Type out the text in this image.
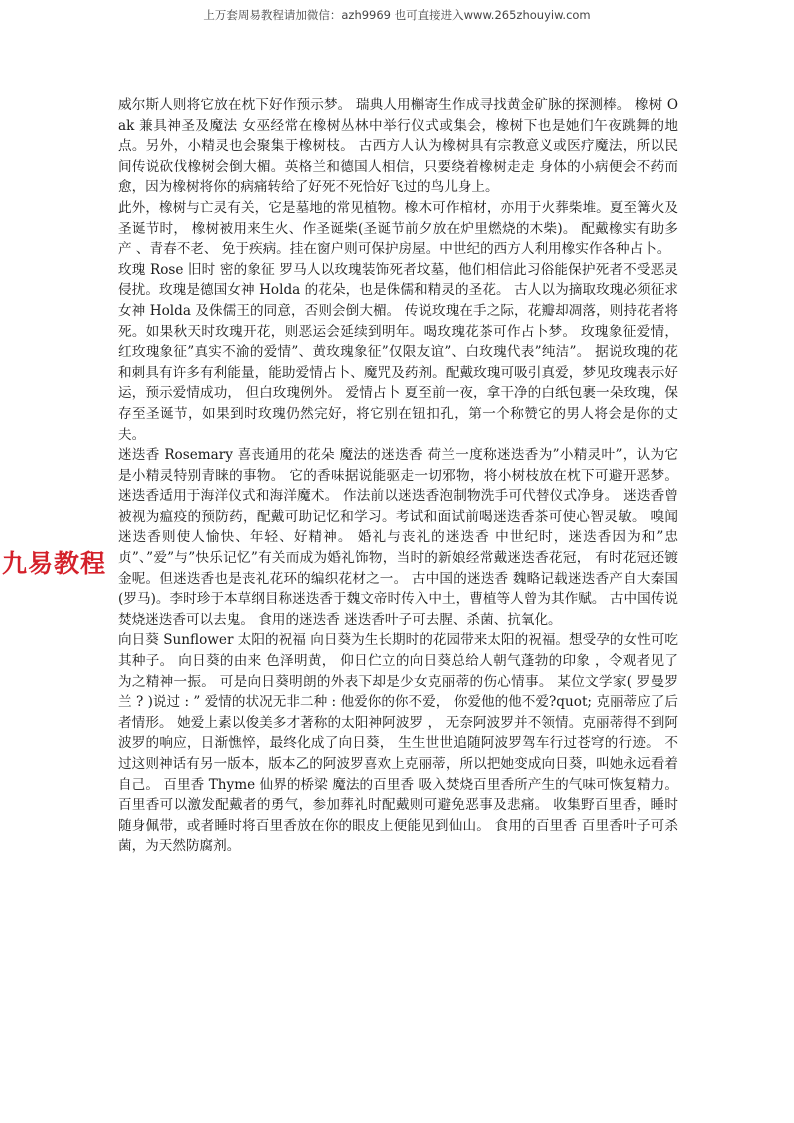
上万套周易教程请加微信：azh9969 也可直接进入www.265zhouyiw.com
九易教程

威尔斯人则将它放在枕下好作预示梦。 瑞典人用槲寄生作成寻找黄金矿脉的探测棒。 橡树 Oak 兼具神圣及魔法 女巫经常在橡树丛林中举行仪式或集会，橡树下也是她们午夜跳舞的地点。另外，小精灵也会聚集于橡树枝。 古西方人认为橡树具有宗教意义或医疗魔法，所以民间传说砍伐橡树会倒大楣。英格兰和德国人相信，只要绕着橡树走走 身体的小病便会不药而愈，因为橡树将你的病痛转给了好死不死恰好飞过的鸟儿身上。

此外，橡树与亡灵有关，它是墓地的常见植物。橡木可作棺材，亦用于火葬柴堆。夏至篝火及圣诞节时， 橡树被用来生火、作圣诞柴(圣诞节前夕放在炉里燃烧的木柴)。 配戴橡实有助多产 、青春不老、 免于疾病。挂在窗户则可保护房屋。中世纪的西方人利用橡实作各种占卜。

玫瑰 Rose 旧时 密的象征 罗马人以玫瑰装饰死者坟墓，他们相信此习俗能保护死者不受恶灵侵扰。玫瑰是德国女神 Holda 的花朵，也是侏儒和精灵的圣花。 古人以为摘取玫瑰必须征求女神 Holda 及侏儒王的同意，否则会倒大楣。 传说玫瑰在手之际，花瓣却凋落，则持花者将死。如果秋天时玫瑰开花，则恶运会延续到明年。喝玫瑰花茶可作占卜梦。 玫瑰象征爱情，红玫瑰象征”真实不渝的爱情”、黄玫瑰象征”仅限友谊”、白玫瑰代表”纯洁”。 据说玫瑰的花和刺具有许多有利能量，能助爱情占卜、魔咒及药剂。配戴玫瑰可吸引真爱，梦见玫瑰表示好运，预示爱情成功， 但白玫瑰例外。 爱情占卜 夏至前一夜，拿干净的白纸包裹一朵玫瑰，保存至圣诞节，如果到时玫瑰仍然完好，将它别在钮扣孔，第一个称赞它的男人将会是你的丈夫。

迷迭香 Rosemary 喜丧通用的花朵 魔法的迷迭香 荷兰一度称迷迭香为”小精灵叶”，认为它是小精灵特别青睐的事物。 它的香味据说能驱走一切邪物，将小树枝放在枕下可避开恶梦。迷迭香适用于海洋仪式和海洋魔术。 作法前以迷迭香泡制物洗手可代替仪式净身。 迷迭香曾被视为瘟疫的预防药，配戴可助记忆和学习。考试和面试前喝迷迭香茶可使心智灵敏。 嗅闻迷迭香则使人愉快、年轻、好精神。 婚礼与丧礼的迷迭香 中世纪时，迷迭香因为和”忠贞”、”爱”与”快乐记忆”有关而成为婚礼饰物，当时的新娘经常戴迷迭香花冠， 有时花冠还镀金呢。但迷迭香也是丧礼花环的编织花材之一。 古中国的迷迭香 魏略记载迷迭香产自大秦国(罗马)。李时珍于本草纲目称迷迭香于魏文帝时传入中土，曹植等人曾为其作赋。 古中国传说焚烧迷迭香可以去鬼。 食用的迷迭香 迷迭香叶子可去腥、杀菌、抗氧化。

向日葵 Sunflower 太阳的祝福 向日葵为生长期时的花园带来太阳的祝福。想受孕的女性可吃其种子。 向日葵的由来 色泽明黄， 仰日伫立的向日葵总给人朝气蓬勃的印象 ，令观者见了为之精神一振。 可是向日葵明朗的外表下却是少女克丽蒂的伤心情事。 某位文学家( 罗曼罗兰 ? )说过 : ” 爱情的状况无非二种 : 他爱你的你不爱， 你爱他的他不爱?quot; 克丽蒂应了后者情形。 她爱上素以俊美多才著称的太阳神阿波罗 ， 无奈阿波罗并不领情。克丽蒂得不到阿波罗的响应，日渐憔悴，最终化成了向日葵， 生生世世追随阿波罗驾车行过苍穹的行迹。 不过这则神话有另一版本，版本乙的阿波罗喜欢上克丽蒂，所以把她变成向日葵，叫她永远看着自己。 百里香 Thyme 仙界的桥梁 魔法的百里香 吸入焚烧百里香所产生的气味可恢复精力。百里香可以激发配戴者的勇气，参加葬礼时配戴则可避免恶事及悲痛。 收集野百里香，睡时随身佩带，或者睡时将百里香放在你的眼皮上便能见到仙山。 食用的百里香 百里香叶子可杀菌，为天然防腐剂。
